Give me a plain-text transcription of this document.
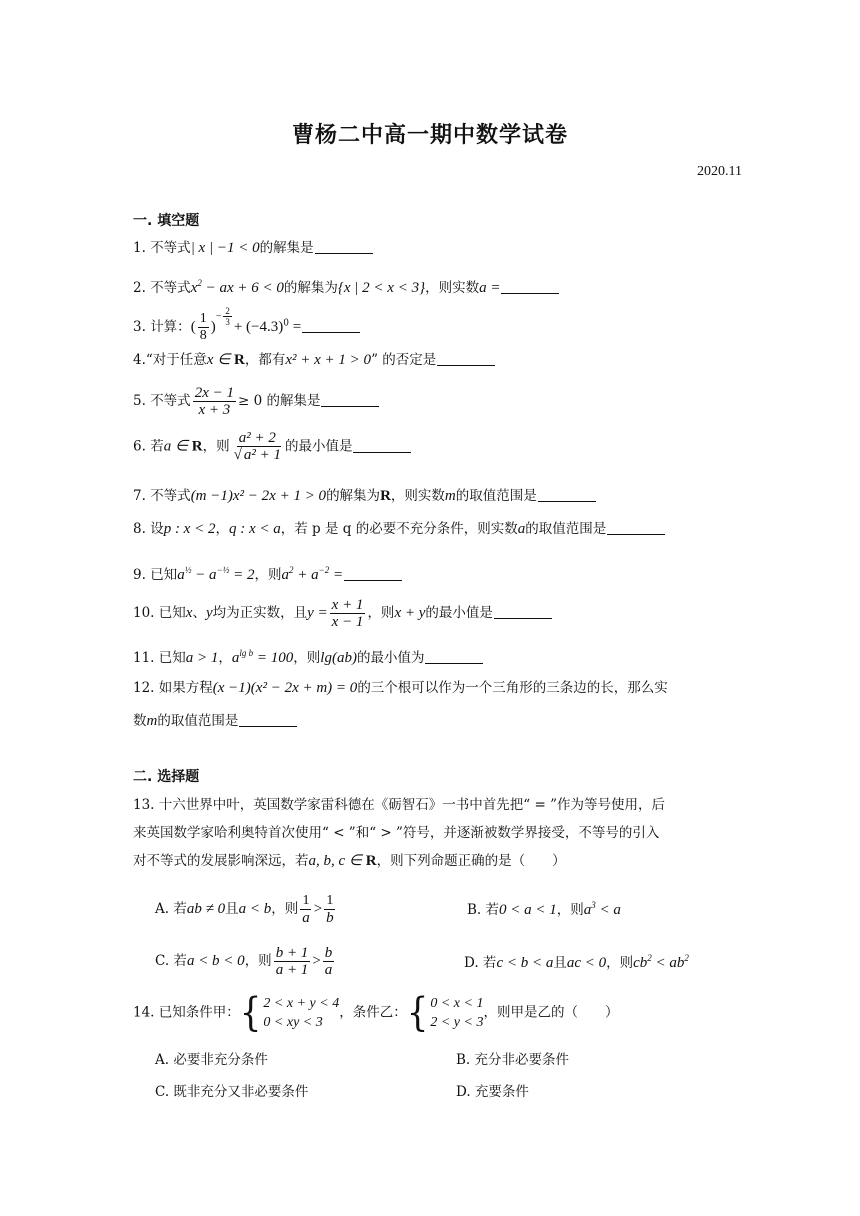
曹杨二中高一期中数学试卷
2020.11
一. 填空题
1. 不等式| x | −1 < 0的解集是
2. 不等式$x^2$ − ax + 6 < 0的解集为{x | 2 < x < 3}，则实数a =
3. 计算：( $\frac{1}{8} )^{- \frac{2}{3}} + (-4.3)^0$ =
4.“对于任意x ∈ R，都有x² + x + 1 > 0” 的否定是
5. 不等式 $\frac{2x - 1}{x + 3} \ge 0$ 的解集是
6. 若a ∈ R，则 $\frac{\text{a² + 2}}{\text{√ a² + 1}}$ 的最小值是
7. 不等式(m −1)x² − 2x + 1 > 0的解集为R，则实数m的取值范围是
8. 设p : x < 2，q : x < a，若 p 是 q 的必要不充分条件，则实数a的取值范围是
9. 已知$a^{\frac{1}{2}} - a^{-\frac{1}{2}} = 2$，则$a^2 + a^{-2}$ =
10. 已知x、y均为正实数，且$y = \frac{x + 1}{x - 1}$ ，则x + y的最小值是
11. 已知a > 1，$a^{lg b} = 100$，则lg(ab)的最小值为
12. 如果方程(x −1)(x² − 2x + m) = 0的三个根可以作为一个三角形的三条边的长，那么实
数m的取值范围是
二. 选择题
13. 十六世界中叶，英国数学家雷科德在《砺智石》一书中首先把“ = ”作为等号使用，后
来英国数学家哈利奥特首次使用“ < ”和“ > ”符号，并逐渐被数学界接受，不等号的引入
对不等式的发展影响深远，若a, b, c ∈ R，则下列命题正确的是（　　）
A. 若ab ≠ 0且a < b，则 $\frac{1}{a} > \frac{1}{b}$	B. 若0 < a < 1，则$a^3 < a$
C. 若a < b < 0，则 $\frac{b + 1}{a + 1} > \frac{b}{a}$	D. 若c < b < a且ac < 0，则$cb^2 < ab^2$
14. 已知条件甲： { 2 < x + y < 4
0 < xy < 3
，条件乙： { 0 < x < 1
2 < y < 3
，则甲是乙的（　　）
A. 必要非充分条件	B. 充分非必要条件
C. 既非充分又非必要条件	D. 充要条件
